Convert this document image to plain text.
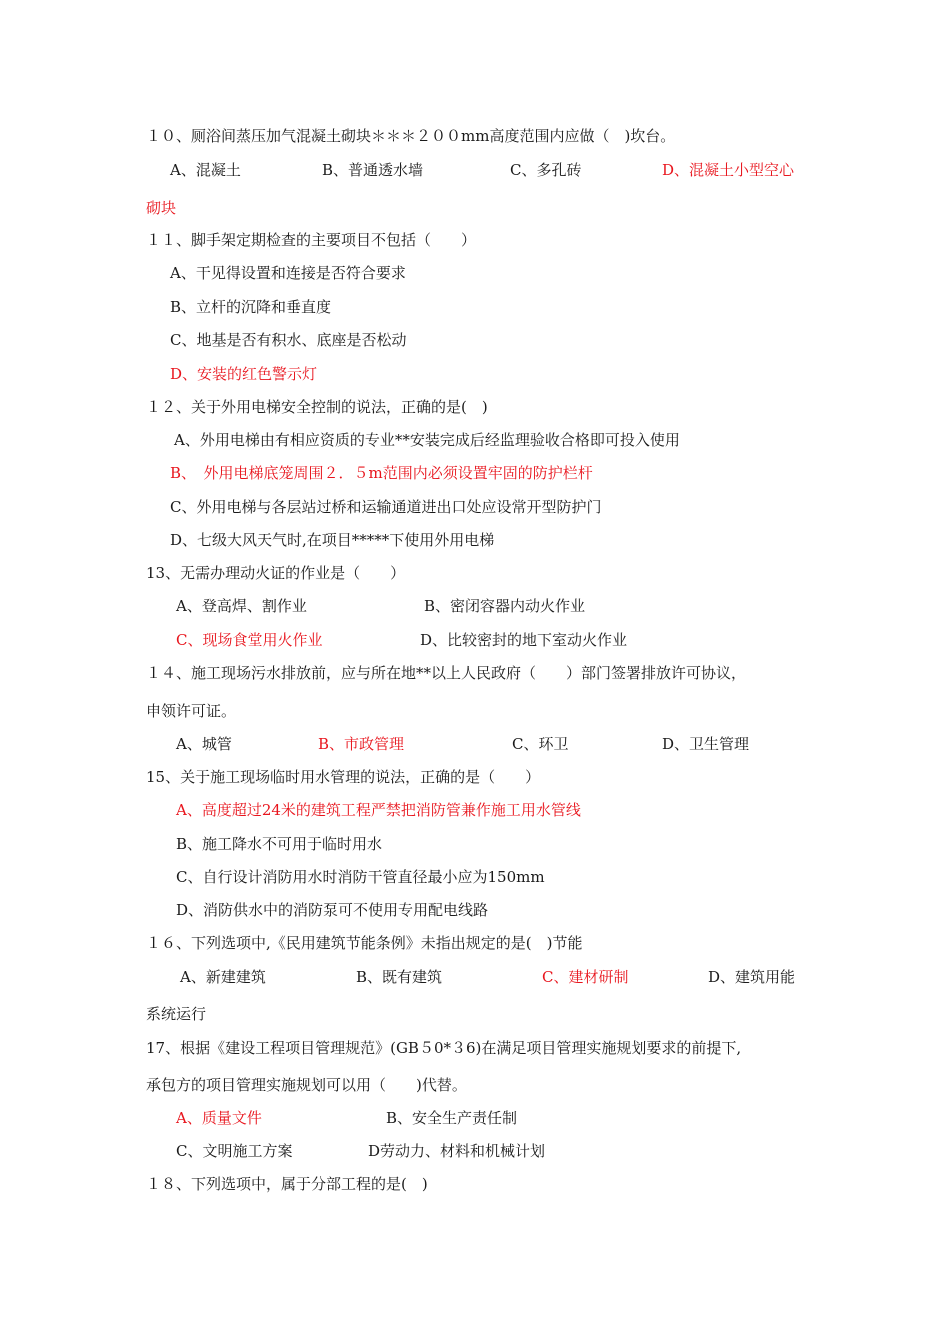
１０、厕浴间蒸压加气混凝土砌块＊＊＊２００mm高度范围内应做（　)坎台。
A、混凝土	B、普通透水墙	C、多孔砖	D、混凝土小型空心
砌块
１１、脚手架定期检查的主要项目不包括（　　）
A、干见得设置和连接是否符合要求
B、立杆的沉降和垂直度
C、地基是否有积水、底座是否松动
D、安装的红色警示灯
１２、关于外用电梯安全控制的说法，正确的是(　)
A、外用电梯由有相应资质的专业**安装完成后经监理验收合格即可投入使用
B、　外用电梯底笼周围２．５m范围内必须设置牢固的防护栏杆
C、外用电梯与各层站过桥和运输通道进出口处应设常开型防护门
D、七级大风天气时,在项目*****下使用外用电梯
13、无需办理动火证的作业是（　　）
A、登高焊、割作业	B、密闭容器内动火作业
C、现场食堂用火作业	D、比较密封的地下室动火作业
１４、施工现场污水排放前，应与所在地**以上人民政府（　　）部门签署排放许可协议，
申领许可证。
A、城管	B、市政管理	C、环卫	D、卫生管理
15、关于施工现场临时用水管理的说法，正确的是（　　）
A、高度超过24米的建筑工程严禁把消防管兼作施工用水管线
B、施工降水不可用于临时用水
C、自行设计消防用水时消防干管直径最小应为150mm
D、消防供水中的消防泵可不使用专用配电线路
１６、下列选项中,《民用建筑节能条例》未指出规定的是(　)节能
A、新建建筑	B、既有建筑	C、建材研制	D、建筑用能
系统运行
17、根据《建设工程项目管理规范》(GB５0*３6)在满足项目管理实施规划要求的前提下,
承包方的项目管理实施规划可以用（　　)代替。
A、质量文件	B、安全生产责任制
C、文明施工方案	D劳动力、材料和机械计划
１８、下列选项中，属于分部工程的是(　)
